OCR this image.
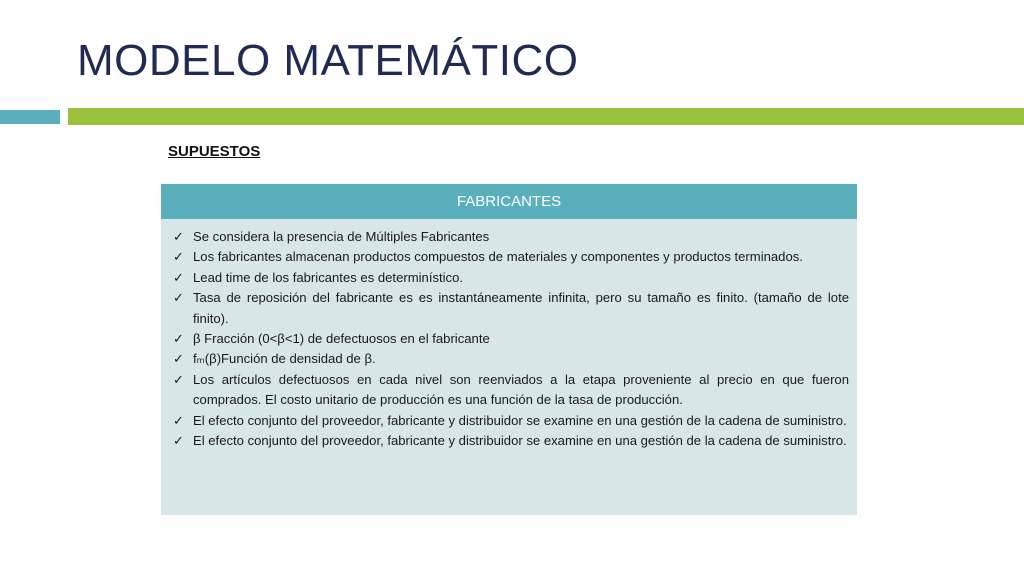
MODELO MATEMÁTICO
SUPUESTOS
FABRICANTES
✓ Se considera la presencia de Múltiples Fabricantes
✓ Los fabricantes almacenan productos compuestos de materiales y componentes y productos terminados.
✓ Lead time de los fabricantes es determinístico.
✓ Tasa de reposición del fabricante es es instantáneamente infinita, pero su tamaño es finito. (tamaño de lote finito).
✓ β Fracción (0<β<1) de defectuosos en el fabricante
✓ fₘ(β)Función de densidad de β.
✓ Los artículos defectuosos en cada nivel son reenviados a la etapa proveniente al precio en que fueron comprados. El costo unitario de producción es una función de la tasa de producción.
✓ El efecto conjunto del proveedor, fabricante y distribuidor se examine en una gestión de la cadena de suministro.
✓ El efecto conjunto del proveedor, fabricante y distribuidor se examine en una gestión de la cadena de suministro.
